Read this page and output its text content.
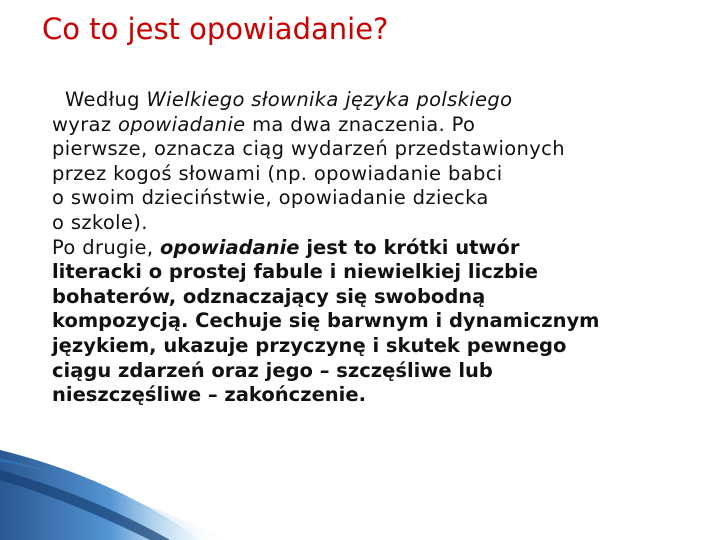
Co to jest opowiadanie?
Według Wielkiego słownika języka polskiego
wyraz opowiadanie ma dwa znaczenia. Po
pierwsze, oznacza ciąg wydarzeń przedstawionych
przez kogoś słowami (np. opowiadanie babci
o swoim dzieciństwie, opowiadanie dziecka
o szkole).
Po drugie, opowiadanie jest to krótki utwór
literacki o prostej fabule i niewielkiej liczbie
bohaterów, odznaczający się swobodną
kompozycją. Cechuje się barwnym i dynamicznym
językiem, ukazuje przyczynę i skutek pewnego
ciągu zdarzeń oraz jego – szczęśliwe lub
nieszczęśliwe – zakończenie.
